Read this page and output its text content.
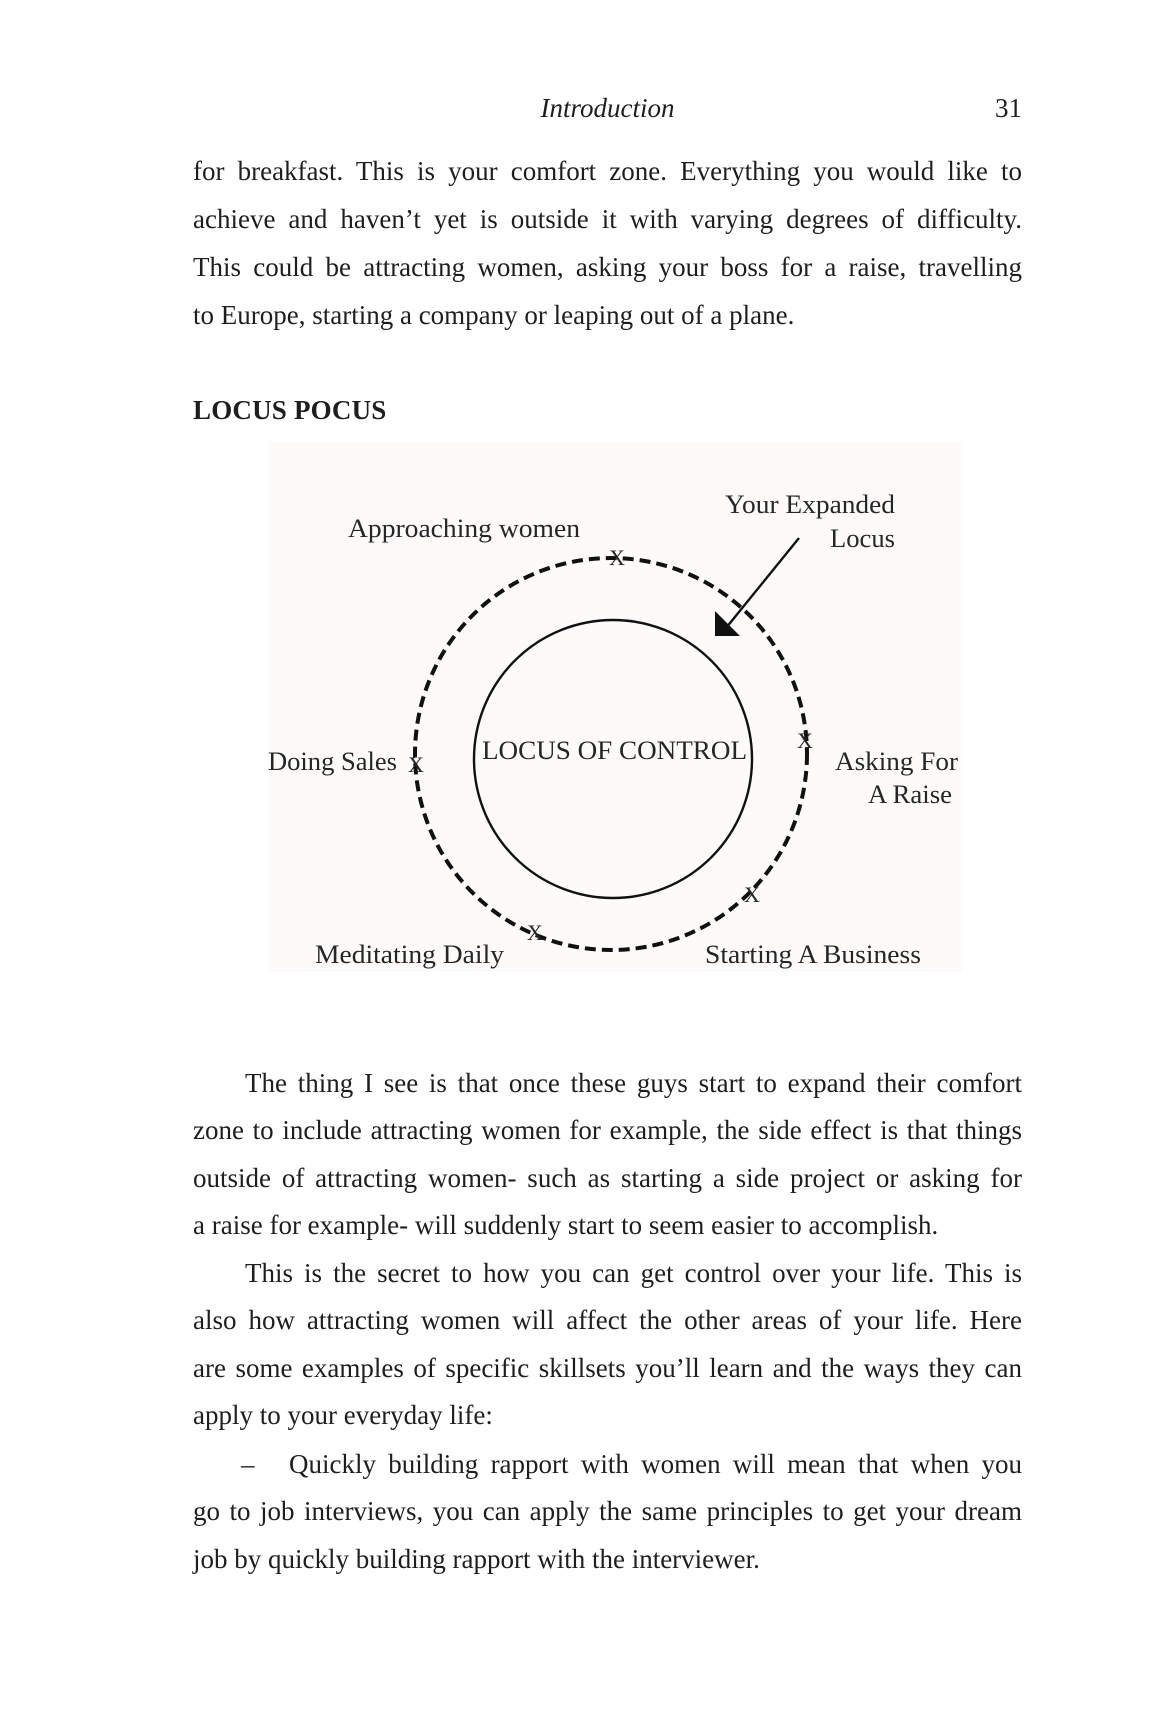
Introduction	31
for breakfast. This is your comfort zone. Everything you would like to
achieve and haven’t yet is outside it with varying degrees of difficulty.
This could be attracting women, asking your boss for a raise, travelling
to Europe, starting a company or leaping out of a plane.
LOCUS POCUS
LOCUS OF CONTROL
Approaching women
Your Expanded
Locus
Doing Sales	Asking For
A Raise
Meditating Daily	Starting A Business
X
X
X
X
X
The thing I see is that once these guys start to expand their comfort
zone to include attracting women for example, the side effect is that things
outside of attracting women- such as starting a side project or asking for
a raise for example- will suddenly start to seem easier to accomplish.
This is the secret to how you can get control over your life. This is
also how attracting women will affect the other areas of your life. Here
are some examples of specific skillsets you’ll learn and the ways they can
apply to your everyday life:
– Quickly building rapport with women will mean that when you
go to job interviews, you can apply the same principles to get your dream
job by quickly building rapport with the interviewer.
